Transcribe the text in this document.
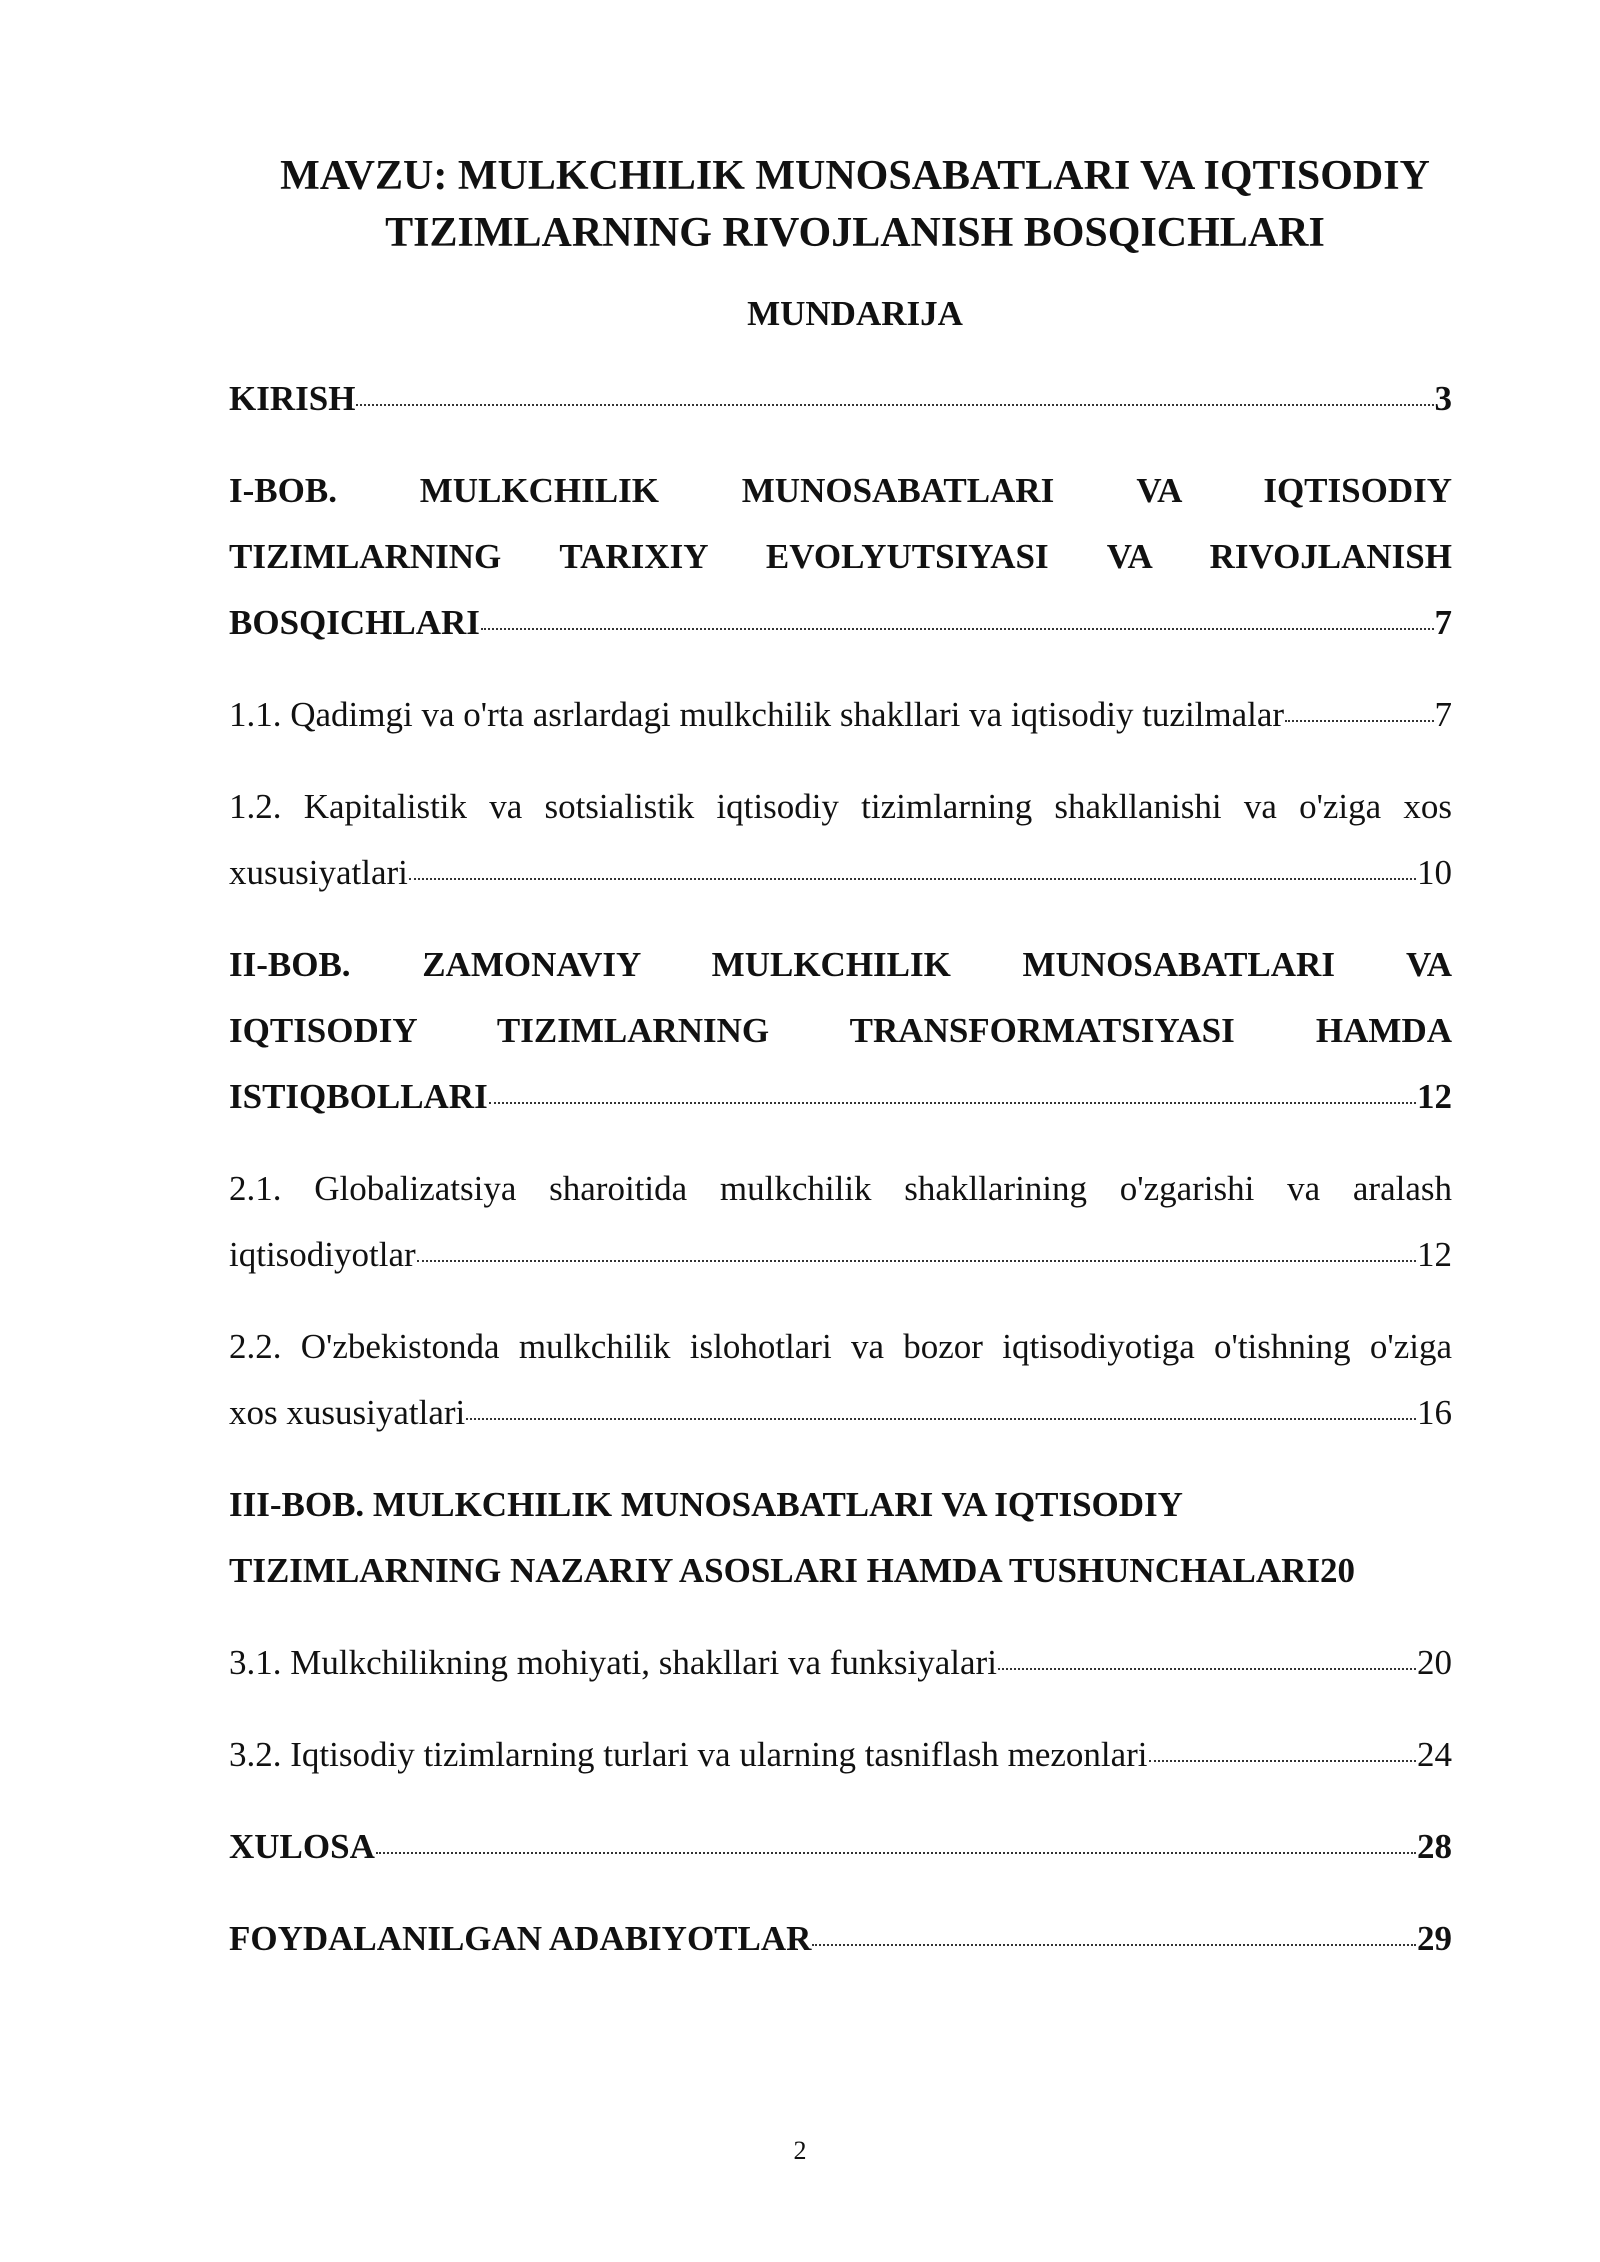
MAVZU: MULKCHILIK MUNOSABATLARI VA IQTISODIY
TIZIMLARNING RIVOJLANISH BOSQICHLARI
MUNDARIJA
KIRISH	3
I-BOB. MULKCHILIK MUNOSABATLARI VA IQTISODIY
TIZIMLARNING TARIXIY EVOLYUTSIYASI VA RIVOJLANISH
BOSQICHLARI	7
1.1. Qadimgi va o'rta asrlardagi mulkchilik shakllari va iqtisodiy tuzilmalar	7
1.2. Kapitalistik va sotsialistik iqtisodiy tizimlarning shakllanishi va o'ziga xos
xususiyatlari	10
II-BOB. ZAMONAVIY MULKCHILIK MUNOSABATLARI VA
IQTISODIY TIZIMLARNING TRANSFORMATSIYASI HAMDA
ISTIQBOLLARI	12
2.1. Globalizatsiya sharoitida mulkchilik shakllarining o'zgarishi va aralash
iqtisodiyotlar	12
2.2. O'zbekistonda mulkchilik islohotlari va bozor iqtisodiyotiga o'tishning o'ziga
xos xususiyatlari	16
III-BOB. MULKCHILIK MUNOSABATLARI VA IQTISODIY
TIZIMLARNING NAZARIY ASOSLARI HAMDA TUSHUNCHALARI 20
3.1. Mulkchilikning mohiyati, shakllari va funksiyalari	20
3.2. Iqtisodiy tizimlarning turlari va ularning tasniflash mezonlari	24
XULOSA	28
FOYDALANILGAN ADABIYOTLAR	29
2
